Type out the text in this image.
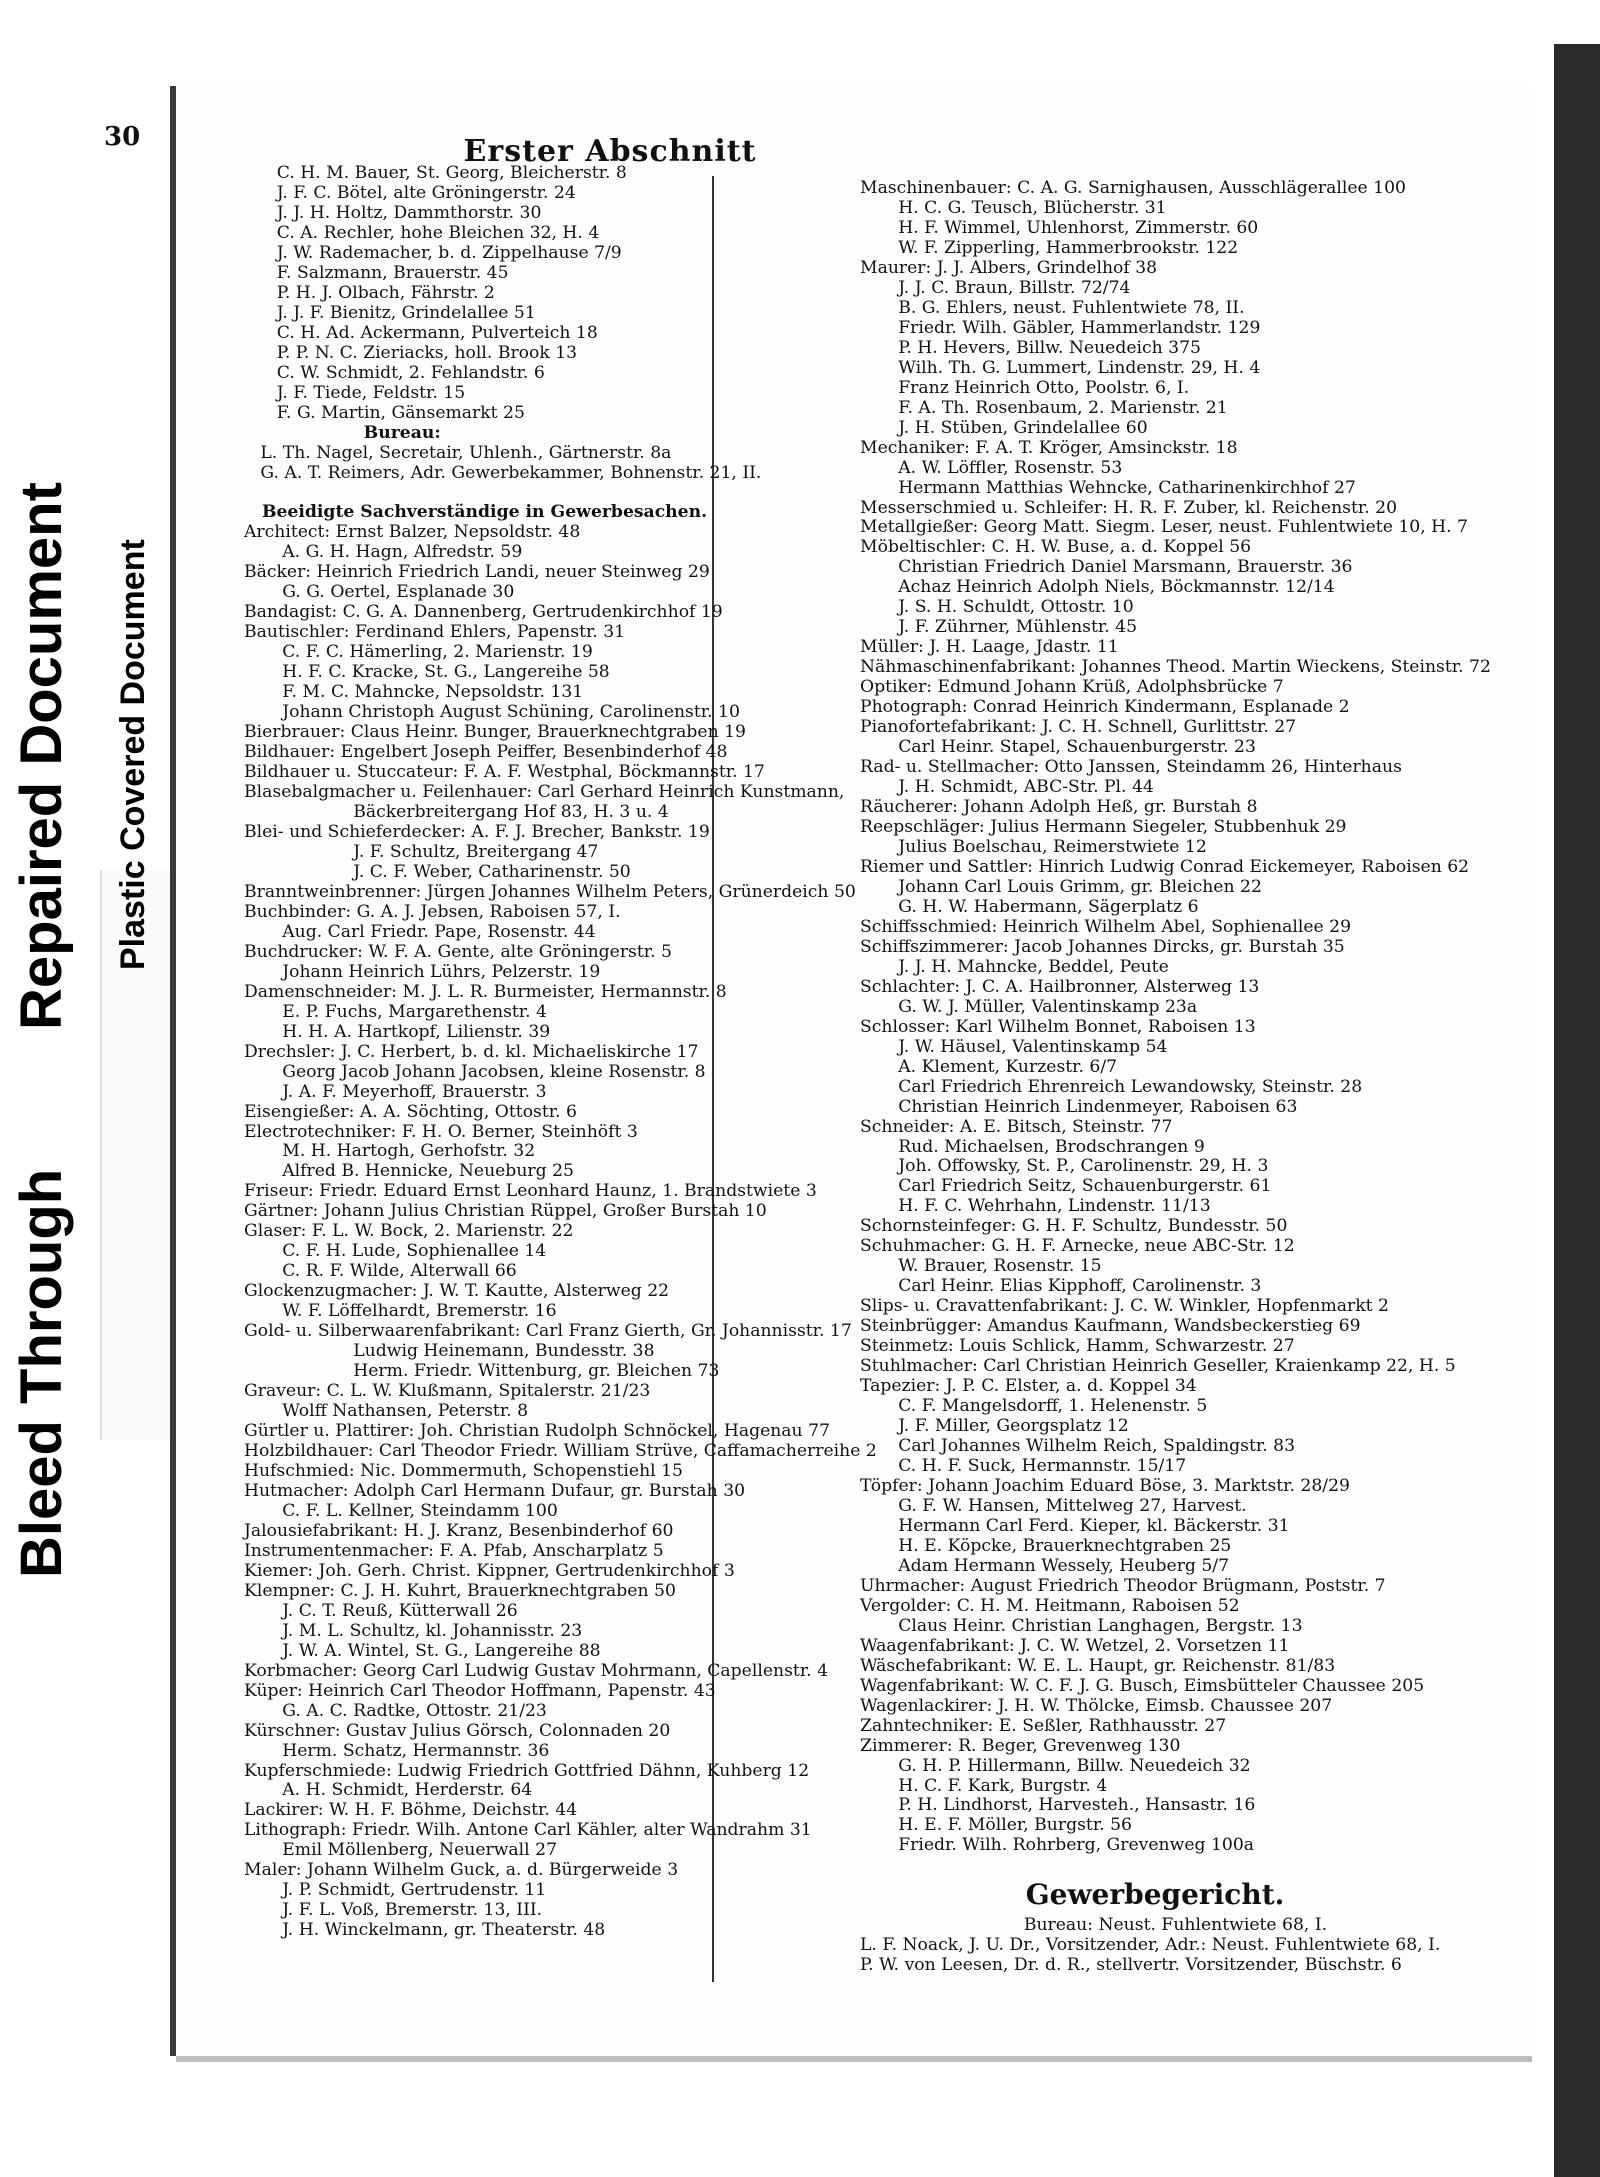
Bleed Through
Repaired Document Plastic Covered Document
30	Erster Abschnitt
C. H. M. Bauer, St. Georg, Bleicherstr. 8
J. F. C. Bötel, alte Gröningerstr. 24
J. J. H. Holtz, Dammthorstr. 30
C. A. Rechler, hohe Bleichen 32, H. 4
J. W. Rademacher, b. d. Zippelhause 7/9
F. Salzmann, Brauerstr. 45
P. H. J. Olbach, Fährstr. 2
J. J. F. Bienitz, Grindelallee 51
C. H. Ad. Ackermann, Pulverteich 18
P. P. N. C. Zieriacks, holl. Brook 13
C. W. Schmidt, 2. Fehlandstr. 6
J. F. Tiede, Feldstr. 15
F. G. Martin, Gänsemarkt 25
Bureau:
L. Th. Nagel, Secretair, Uhlenh., Gärtnerstr. 8a
G. A. T. Reimers, Adr. Gewerbekammer, Bohnenstr. 21, II.
Beeidigte Sachverständige in Gewerbesachen.
Architect: Ernst Balzer, Nepsoldstr. 48
A. G. H. Hagn, Alfredstr. 59
Bäcker: Heinrich Friedrich Landi, neuer Steinweg 29
G. G. Oertel, Esplanade 30
Bandagist: C. G. A. Dannenberg, Gertrudenkirchhof 19
Bautischler: Ferdinand Ehlers, Papenstr. 31
C. F. C. Hämerling, 2. Marienstr. 19
H. F. C. Kracke, St. G., Langereihe 58
F. M. C. Mahncke, Nepsoldstr. 131
Johann Christoph August Schüning, Carolinenstr. 10
Bierbrauer: Claus Heinr. Bunger, Brauerknechtgraben 19
Bildhauer: Engelbert Joseph Peiffer, Besenbinderhof 48
Bildhauer u. Stuccateur: F. A. F. Westphal, Böckmannstr. 17
Blasebalgmacher u. Feilenhauer: Carl Gerhard Heinrich Kunstmann,
Bäckerbreitergang Hof 83, H. 3 u. 4
Blei- und Schieferdecker: A. F. J. Brecher, Bankstr. 19
J. F. Schultz, Breitergang 47
J. C. F. Weber, Catharinenstr. 50
Branntweinbrenner: Jürgen Johannes Wilhelm Peters, Grünerdeich 50
Buchbinder: G. A. J. Jebsen, Raboisen 57, I.
Aug. Carl Friedr. Pape, Rosenstr. 44
Buchdrucker: W. F. A. Gente, alte Gröningerstr. 5
Johann Heinrich Lührs, Pelzerstr. 19
Damenschneider: M. J. L. R. Burmeister, Hermannstr. 8
E. P. Fuchs, Margarethenstr. 4
H. H. A. Hartkopf, Lilienstr. 39
Drechsler: J. C. Herbert, b. d. kl. Michaeliskirche 17
Georg Jacob Johann Jacobsen, kleine Rosenstr. 8
J. A. F. Meyerhoff, Brauerstr. 3
Eisengießer: A. A. Söchting, Ottostr. 6
Electrotechniker: F. H. O. Berner, Steinhöft 3
M. H. Hartogh, Gerhofstr. 32
Alfred B. Hennicke, Neueburg 25
Friseur: Friedr. Eduard Ernst Leonhard Haunz, 1. Brandstwiete 3
Gärtner: Johann Julius Christian Rüppel, Großer Burstah 10
Glaser: F. L. W. Bock, 2. Marienstr. 22
C. F. H. Lude, Sophienallee 14
C. R. F. Wilde, Alterwall 66
Glockenzugmacher: J. W. T. Kautte, Alsterweg 22
W. F. Löffelhardt, Bremerstr. 16
Gold- u. Silberwaarenfabrikant: Carl Franz Gierth, Gr. Johannisstr. 17
Ludwig Heinemann, Bundesstr. 38
Herm. Friedr. Wittenburg, gr. Bleichen 73
Graveur: C. L. W. Klußmann, Spitalerstr. 21/23
Wolff Nathansen, Peterstr. 8
Gürtler u. Plattirer: Joh. Christian Rudolph Schnöckel, Hagenau 77
Holzbildhauer: Carl Theodor Friedr. William Strüve, Caffamacherreihe 2
Hufschmied: Nic. Dommermuth, Schopenstiehl 15
Hutmacher: Adolph Carl Hermann Dufaur, gr. Burstah 30
C. F. L. Kellner, Steindamm 100
Jalousiefabrikant: H. J. Kranz, Besenbinderhof 60
Instrumentenmacher: F. A. Pfab, Anscharplatz 5
Kiemer: Joh. Gerh. Christ. Kippner, Gertrudenkirchhof 3
Klempner: C. J. H. Kuhrt, Brauerknechtgraben 50
J. C. T. Reuß, Kütterwall 26
J. M. L. Schultz, kl. Johannisstr. 23
J. W. A. Wintel, St. G., Langereihe 88
Korbmacher: Georg Carl Ludwig Gustav Mohrmann, Capellenstr. 4
Küper: Heinrich Carl Theodor Hoffmann, Papenstr. 43
G. A. C. Radtke, Ottostr. 21/23
Kürschner: Gustav Julius Görsch, Colonnaden 20
Herm. Schatz, Hermannstr. 36
Kupferschmiede: Ludwig Friedrich Gottfried Dähnn, Kuhberg 12
A. H. Schmidt, Herderstr. 64
Lackirer: W. H. F. Böhme, Deichstr. 44
Lithograph: Friedr. Wilh. Antone Carl Kähler, alter Wandrahm 31
Emil Möllenberg, Neuerwall 27
Maler: Johann Wilhelm Guck, a. d. Bürgerweide 3
J. P. Schmidt, Gertrudenstr. 11
J. F. L. Voß, Bremerstr. 13, III.
J. H. Winckelmann, gr. Theaterstr. 48
Maschinenbauer: C. A. G. Sarnighausen, Ausschlägerallee 100
H. C. G. Teusch, Blücherstr. 31
H. F. Wimmel, Uhlenhorst, Zimmerstr. 60
W. F. Zipperling, Hammerbrookstr. 122
Maurer: J. J. Albers, Grindelhof 38
J. J. C. Braun, Billstr. 72/74
B. G. Ehlers, neust. Fuhlentwiete 78, II.
Friedr. Wilh. Gäbler, Hammerlandstr. 129
P. H. Hevers, Billw. Neuedeich 375
Wilh. Th. G. Lummert, Lindenstr. 29, H. 4
Franz Heinrich Otto, Poolstr. 6, I.
F. A. Th. Rosenbaum, 2. Marienstr. 21
J. H. Stüben, Grindelallee 60
Mechaniker: F. A. T. Kröger, Amsinckstr. 18
A. W. Löffler, Rosenstr. 53
Hermann Matthias Wehncke, Catharinenkirchhof 27
Messerschmied u. Schleifer: H. R. F. Zuber, kl. Reichenstr. 20
Metallgießer: Georg Matt. Siegm. Leser, neust. Fuhlentwiete 10, H. 7
Möbeltischler: C. H. W. Buse, a. d. Koppel 56
Christian Friedrich Daniel Marsmann, Brauerstr. 36
Achaz Heinrich Adolph Niels, Böckmannstr. 12/14
J. S. H. Schuldt, Ottostr. 10
J. F. Zührner, Mühlenstr. 45
Müller: J. H. Laage, Jdastr. 11
Nähmaschinenfabrikant: Johannes Theod. Martin Wieckens, Steinstr. 72
Optiker: Edmund Johann Krüß, Adolphsbrücke 7
Photograph: Conrad Heinrich Kindermann, Esplanade 2
Pianofortefabrikant: J. C. H. Schnell, Gurlittstr. 27
Carl Heinr. Stapel, Schauenburgerstr. 23
Rad- u. Stellmacher: Otto Janssen, Steindamm 26, Hinterhaus
J. H. Schmidt, ABC-Str. Pl. 44
Räucherer: Johann Adolph Heß, gr. Burstah 8
Reepschläger: Julius Hermann Siegeler, Stubbenhuk 29
Julius Boelschau, Reimerstwiete 12
Riemer und Sattler: Hinrich Ludwig Conrad Eickemeyer, Raboisen 62
Johann Carl Louis Grimm, gr. Bleichen 22
G. H. W. Habermann, Sägerplatz 6
Schiffsschmied: Heinrich Wilhelm Abel, Sophienallee 29
Schiffszimmerer: Jacob Johannes Dircks, gr. Burstah 35
J. J. H. Mahncke, Beddel, Peute
Schlachter: J. C. A. Hailbronner, Alsterweg 13
G. W. J. Müller, Valentinskamp 23a
Schlosser: Karl Wilhelm Bonnet, Raboisen 13
J. W. Häusel, Valentinskamp 54
A. Klement, Kurzestr. 6/7
Carl Friedrich Ehrenreich Lewandowsky, Steinstr. 28
Christian Heinrich Lindenmeyer, Raboisen 63
Schneider: A. E. Bitsch, Steinstr. 77
Rud. Michaelsen, Brodschrangen 9
Joh. Offowsky, St. P., Carolinenstr. 29, H. 3
Carl Friedrich Seitz, Schauenburgerstr. 61
H. F. C. Wehrhahn, Lindenstr. 11/13
Schornsteinfeger: G. H. F. Schultz, Bundesstr. 50
Schuhmacher: G. H. F. Arnecke, neue ABC-Str. 12
W. Brauer, Rosenstr. 15
Carl Heinr. Elias Kipphoff, Carolinenstr. 3
Slips- u. Cravattenfabrikant: J. C. W. Winkler, Hopfenmarkt 2
Steinbrügger: Amandus Kaufmann, Wandsbeckerstieg 69
Steinmetz: Louis Schlick, Hamm, Schwarzestr. 27
Stuhlmacher: Carl Christian Heinrich Geseller, Kraienkamp 22, H. 5
Tapezier: J. P. C. Elster, a. d. Koppel 34
C. F. Mangelsdorff, 1. Helenenstr. 5
J. F. Miller, Georgsplatz 12
Carl Johannes Wilhelm Reich, Spaldingstr. 83
C. H. F. Suck, Hermannstr. 15/17
Töpfer: Johann Joachim Eduard Böse, 3. Marktstr. 28/29
G. F. W. Hansen, Mittelweg 27, Harvest.
Hermann Carl Ferd. Kieper, kl. Bäckerstr. 31
H. E. Köpcke, Brauerknechtgraben 25
Adam Hermann Wessely, Heuberg 5/7
Uhrmacher: August Friedrich Theodor Brügmann, Poststr. 7
Vergolder: C. H. M. Heitmann, Raboisen 52
Claus Heinr. Christian Langhagen, Bergstr. 13
Waagenfabrikant: J. C. W. Wetzel, 2. Vorsetzen 11
Wäschefabrikant: W. E. L. Haupt, gr. Reichenstr. 81/83
Wagenfabrikant: W. C. F. J. G. Busch, Eimsbütteler Chaussee 205
Wagenlackirer: J. H. W. Thölcke, Eimsb. Chaussee 207
Zahntechniker: E. Seßler, Rathhausstr. 27
Zimmerer: R. Beger, Grevenweg 130
G. H. P. Hillermann, Billw. Neuedeich 32
H. C. F. Kark, Burgstr. 4
P. H. Lindhorst, Harvesteh., Hansastr. 16
H. E. F. Möller, Burgstr. 56
Friedr. Wilh. Rohrberg, Grevenweg 100a
Gewerbegericht.
Bureau: Neust. Fuhlentwiete 68, I.
L. F. Noack, J. U. Dr., Vorsitzender, Adr.: Neust. Fuhlentwiete 68, I.
P. W. von Leesen, Dr. d. R., stellvertr. Vorsitzender, Büschstr. 6
